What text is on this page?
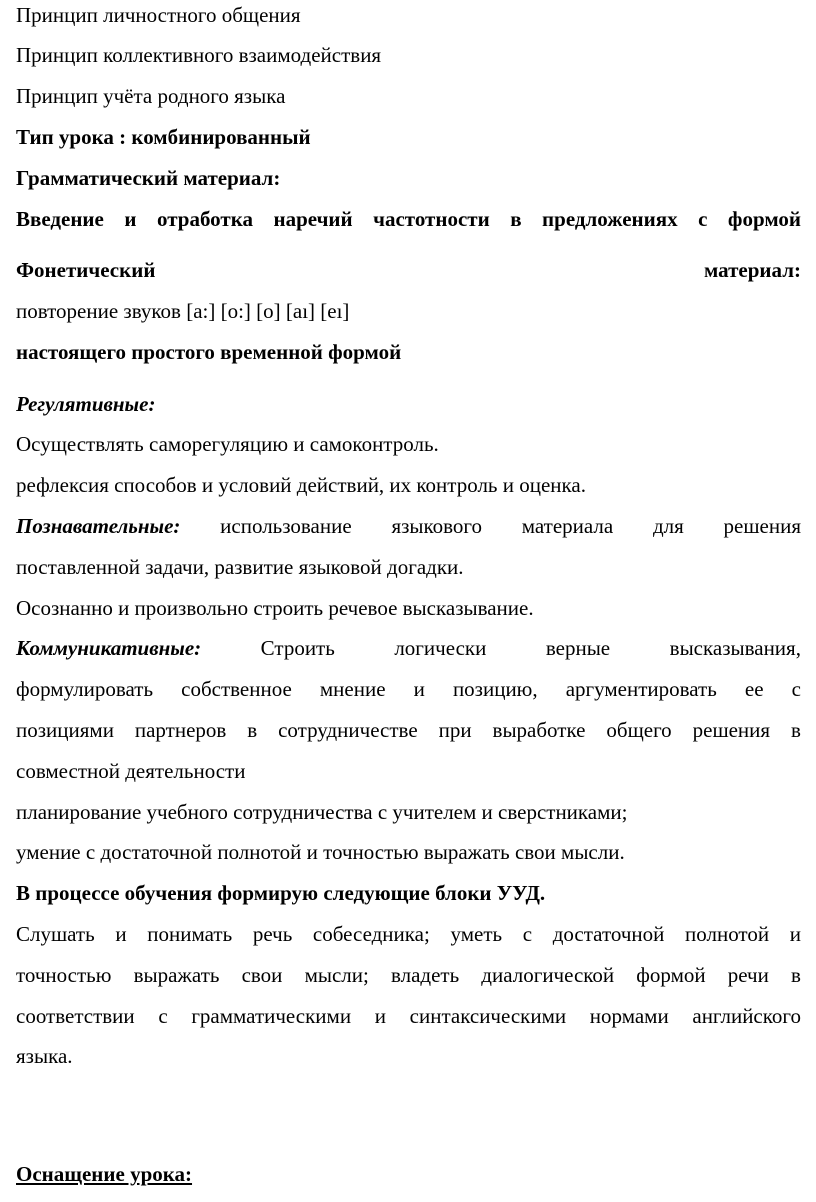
Принцип личностного общения
Принцип коллективного взаимодействия
Принцип учёта родного языка
Тип урока : комбинированный
Грамматический материал:
Введение и отработка наречий частотности в предложениях с формой
Фонетический	материал:
повторение звуков [a:] [o:] [o] [aı] [eı]
настоящего простого временной формой
Регулятивные:
Осуществлять саморегуляцию и самоконтроль.
рефлексия способов и условий действий, их контроль и оценка.
Познавательные: использование языкового материала для решения
поставленной задачи, развитие языковой догадки.
Осознанно и произвольно строить речевое высказывание.
Коммуникативные:	Строить	логически	верные	высказывания,
формулировать собственное мнение и позицию, аргументировать ее с
позициями партнеров в сотрудничестве при выработке общего решения в
совместной деятельности
планирование учебного сотрудничества с учителем и сверстниками;
умение с достаточной полнотой и точностью выражать свои мысли.
В процессе обучения формирую следующие блоки УУД.
Слушать и понимать речь собеседника; уметь с достаточной полнотой и
точностью выражать свои мысли; владеть диалогической формой речи в
соответствии с грамматическими и синтаксическими нормами английского
языка.
Оснащение урока:
